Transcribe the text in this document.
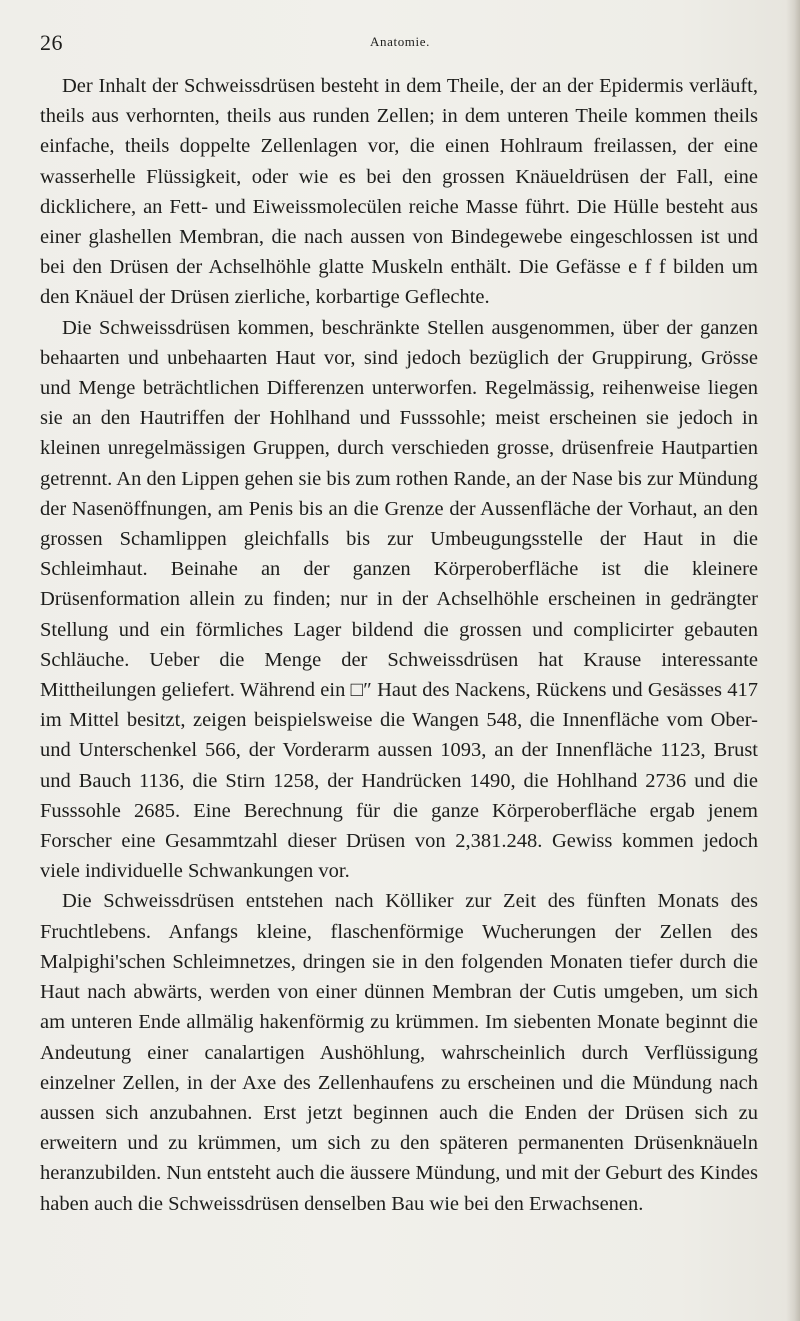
26	Anatomie.

Der Inhalt der Schweissdrüsen besteht in dem Theile, der an der Epidermis verläuft, theils aus verhornten, theils aus runden Zellen; in dem unteren Theile kommen theils einfache, theils doppelte Zellenlagen vor, die einen Hohlraum freilassen, der eine wasserhelle Flüssigkeit, oder wie es bei den grossen Knäueldrüsen der Fall, eine dicklichere, an Fett- und Eiweissmolecülen reiche Masse führt. Die Hülle besteht aus einer glashellen Membran, die nach aussen von Bindegewebe eingeschlossen ist und bei den Drüsen der Achselhöhle glatte Muskeln enthält. Die Gefässe e f f bilden um den Knäuel der Drüsen zierliche, korbartige Geflechte.

Die Schweissdrüsen kommen, beschränkte Stellen ausgenommen, über der ganzen behaarten und unbehaarten Haut vor, sind jedoch bezüglich der Gruppirung, Grösse und Menge beträchtlichen Differenzen unterworfen. Regelmässig, reihenweise liegen sie an den Hautriffen der Hohlhand und Fusssohle; meist erscheinen sie jedoch in kleinen unregelmässigen Gruppen, durch verschieden grosse, drüsenfreie Hautpartien getrennt. An den Lippen gehen sie bis zum rothen Rande, an der Nase bis zur Mündung der Nasenöffnungen, am Penis bis an die Grenze der Aussenfläche der Vorhaut, an den grossen Schamlippen gleichfalls bis zur Umbeugungsstelle der Haut in die Schleimhaut. Beinahe an der ganzen Körperoberfläche ist die kleinere Drüsenformation allein zu finden; nur in der Achselhöhle erscheinen in gedrängter Stellung und ein förmliches Lager bildend die grossen und complicirter gebauten Schläuche. Ueber die Menge der Schweissdrüsen hat Krause interessante Mittheilungen geliefert. Während ein □″ Haut des Nackens, Rückens und Gesässes 417 im Mittel besitzt, zeigen beispielsweise die Wangen 548, die Innenfläche vom Ober- und Unterschenkel 566, der Vorderarm aussen 1093, an der Innenfläche 1123, Brust und Bauch 1136, die Stirn 1258, der Handrücken 1490, die Hohlhand 2736 und die Fusssohle 2685. Eine Berechnung für die ganze Körperoberfläche ergab jenem Forscher eine Gesammtzahl dieser Drüsen von 2,381.248. Gewiss kommen jedoch viele individuelle Schwankungen vor.

Die Schweissdrüsen entstehen nach Kölliker zur Zeit des fünften Monats des Fruchtlebens. Anfangs kleine, flaschenförmige Wucherungen der Zellen des Malpighi'schen Schleimnetzes, dringen sie in den folgenden Monaten tiefer durch die Haut nach abwärts, werden von einer dünnen Membran der Cutis umgeben, um sich am unteren Ende allmälig hakenförmig zu krümmen. Im siebenten Monate beginnt die Andeutung einer canalartigen Aushöhlung, wahrscheinlich durch Verflüssigung einzelner Zellen, in der Axe des Zellenhaufens zu erscheinen und die Mündung nach aussen sich anzubahnen. Erst jetzt beginnen auch die Enden der Drüsen sich zu erweitern und zu krümmen, um sich zu den späteren permanenten Drüsenknäueln heranzubilden. Nun entsteht auch die äussere Mündung, und mit der Geburt des Kindes haben auch die Schweissdrüsen denselben Bau wie bei den Erwachsenen.
